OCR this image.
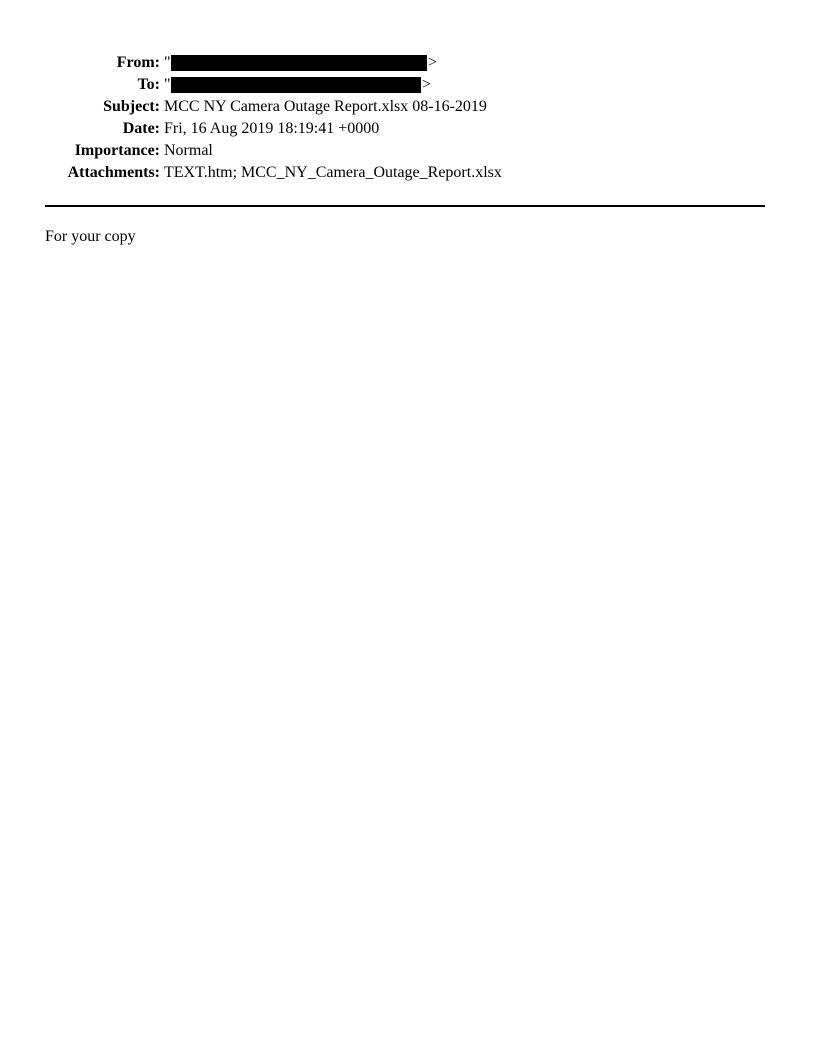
From: "	>
To: "	>
Subject: MCC NY Camera Outage Report.xlsx 08-16-2019
Date: Fri, 16 Aug 2019 18:19:41 +0000
Importance: Normal
Attachments: TEXT.htm; MCC_NY_Camera_Outage_Report.xlsx
For your copy
